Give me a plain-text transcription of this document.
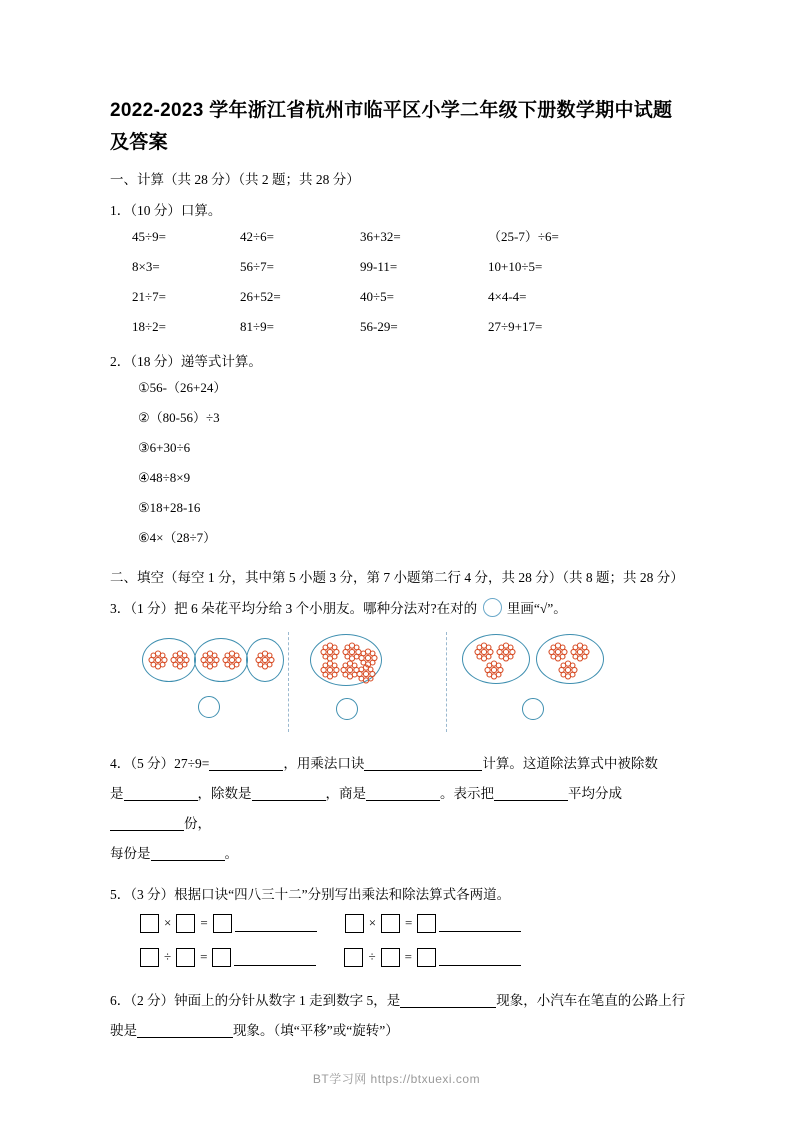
2022-2023 学年浙江省杭州市临平区小学二年级下册数学期中试题及答案
一、计算（共 28 分）（共 2 题；共 28 分）
1．（10 分）口算。
45÷9=	42÷6=	36+32=	（25-7）÷6=
8×3=	56÷7=	99-11=	10+10÷5=
21÷7=	26+52=	40÷5=	4×4-4=
18÷2=	81÷9=	56-29=	27÷9+17=
2．（18 分）递等式计算。
①56-（26+24）
②（80-56）÷3
③6+30÷6
④48÷8×9
⑤18+28-16
⑥4×（28÷7）
二、填空（每空 1 分，其中第 5 小题 3 分，第 7 小题第二行 4 分，共 28 分）（共 8 题；共 28 分）
3．（1 分）把 6 朵花平均分给 3 个小朋友。哪种分法对?在对的 里画“√”。
4．（5 分）27÷9=	，用乘法口诀	计算。这道除法算式中被除数
是	，除数是	，商是	。表示把	平均分成份，
每份是	。
5．（3 分）根据口诀“四八三十二”分别写出乘法和除法算式各两道。
× =	× =
÷ =	÷ =
6．（2 分）钟面上的分针从数字 1 走到数字 5，是	现象，小汽车在笔直的公路上行
驶是	现象。（填“平移”或“旋转”）
BT学习网 https://btxuexi.com
